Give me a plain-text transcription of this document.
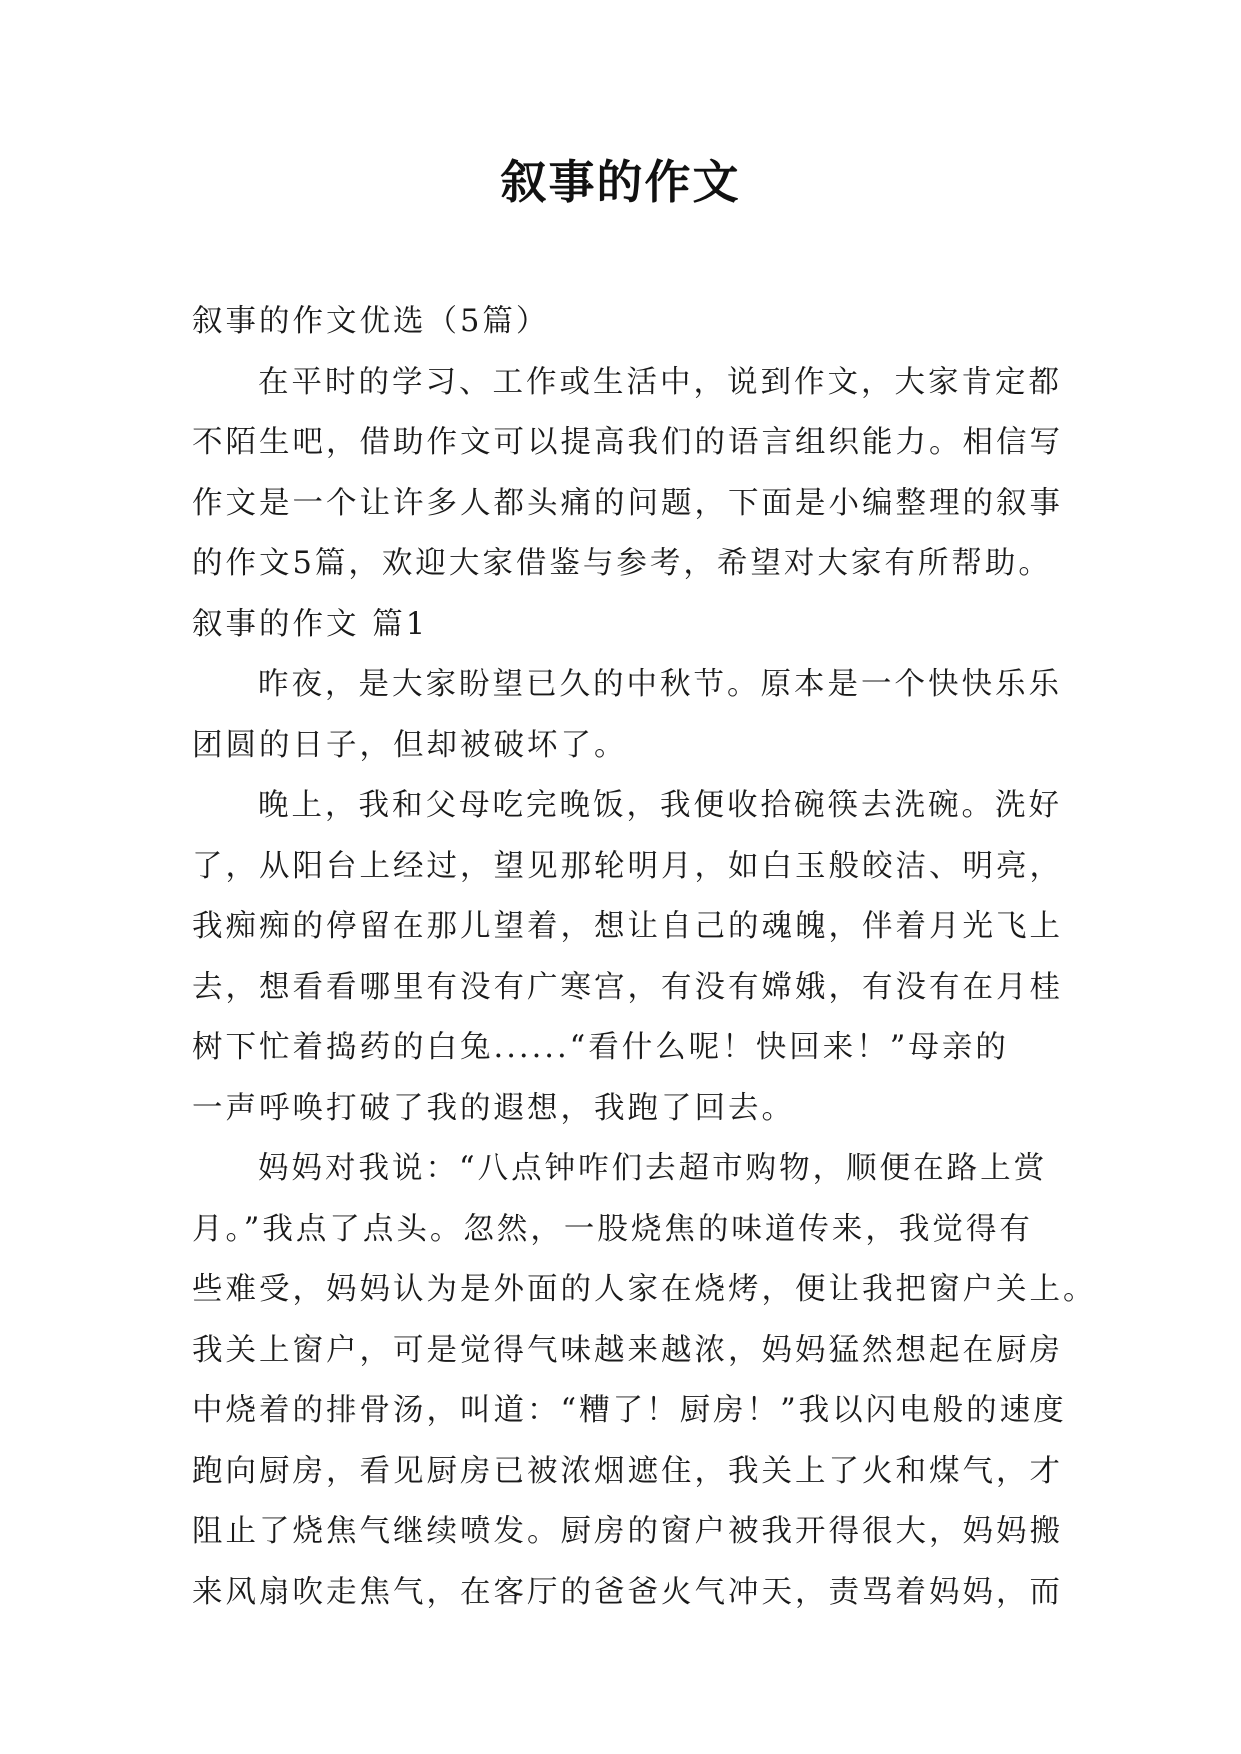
叙事的作文
叙事的作文优选（5篇）
在平时的学习、工作或生活中，说到作文，大家肯定都
不陌生吧，借助作文可以提高我们的语言组织能力。相信写
作文是一个让许多人都头痛的问题，下面是小编整理的叙事
的作文5篇，欢迎大家借鉴与参考，希望对大家有所帮助。
叙事的作文 篇1
昨夜，是大家盼望已久的中秋节。原本是一个快快乐乐
团圆的日子，但却被破坏了。
晚上，我和父母吃完晚饭，我便收拾碗筷去洗碗。洗好
了，从阳台上经过，望见那轮明月，如白玉般皎洁、明亮，
我痴痴的停留在那儿望着，想让自己的魂魄，伴着月光飞上
去，想看看哪里有没有广寒宫，有没有嫦娥，有没有在月桂
树下忙着捣药的白兔......“看什么呢！快回来！”母亲的
一声呼唤打破了我的遐想，我跑了回去。
妈妈对我说：“八点钟咋们去超市购物，顺便在路上赏
月。”我点了点头。忽然，一股烧焦的味道传来，我觉得有
些难受，妈妈认为是外面的人家在烧烤，便让我把窗户关上。
我关上窗户，可是觉得气味越来越浓，妈妈猛然想起在厨房
中烧着的排骨汤，叫道：“糟了！厨房！”我以闪电般的速度
跑向厨房，看见厨房已被浓烟遮住，我关上了火和煤气，才
阻止了烧焦气继续喷发。厨房的窗户被我开得很大，妈妈搬
来风扇吹走焦气，在客厅的爸爸火气冲天，责骂着妈妈，而
